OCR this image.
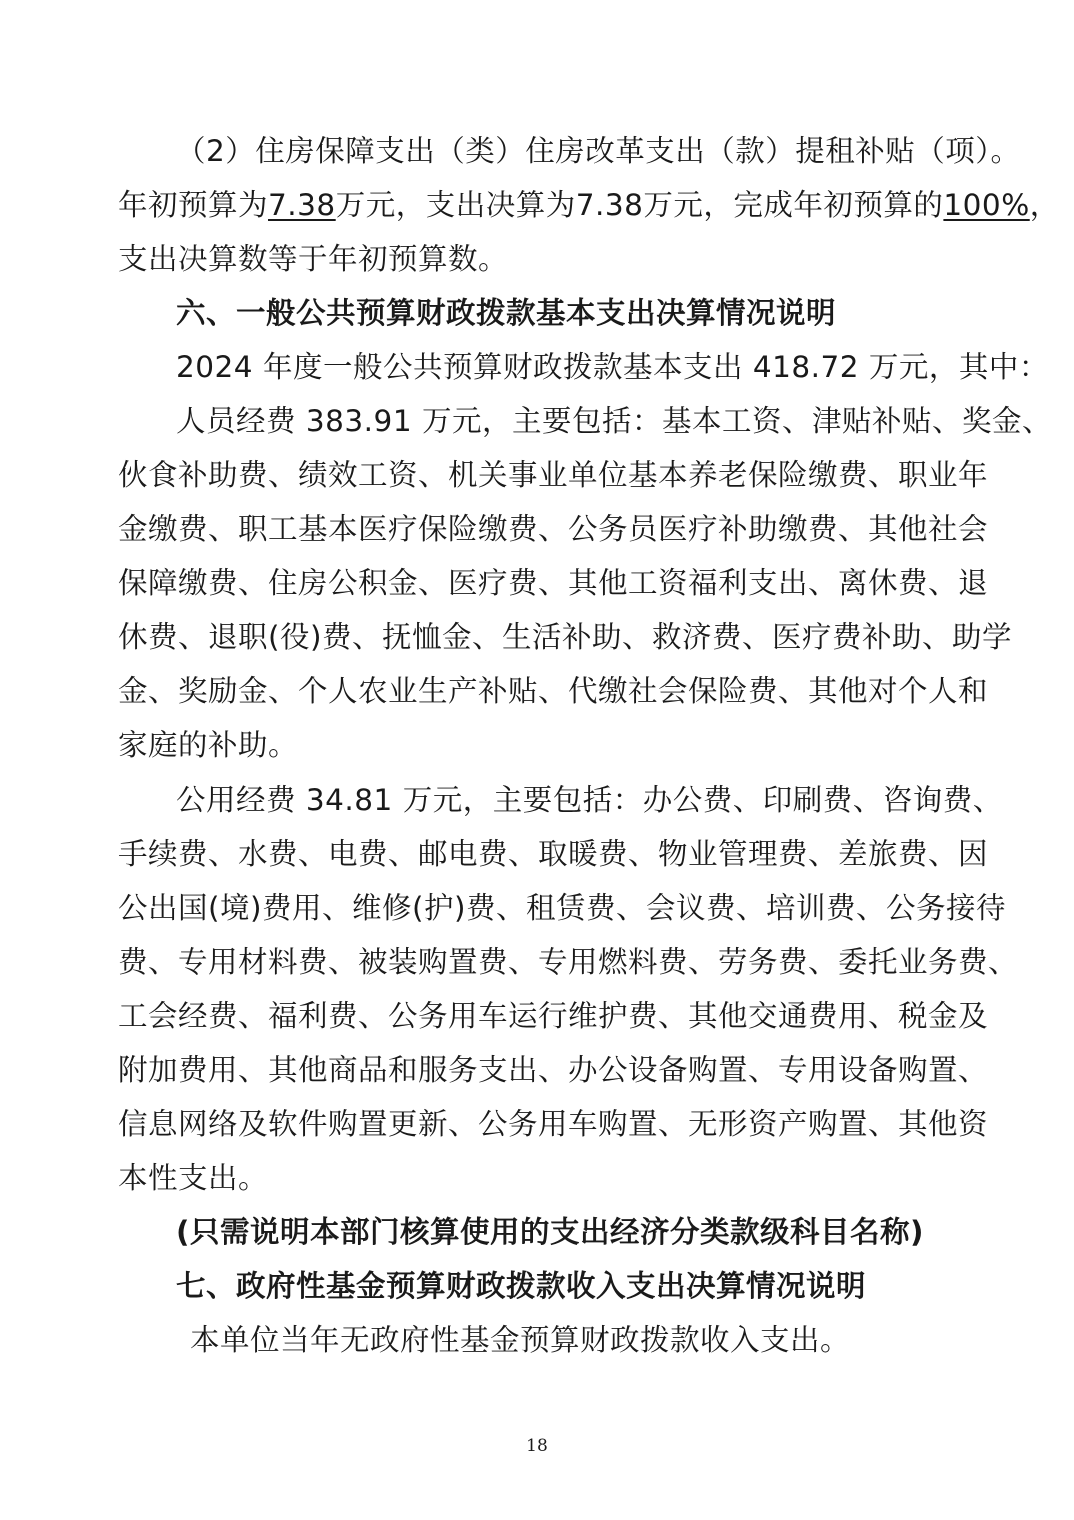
（2）住房保障支出（类）住房改革支出（款）提租补贴（项）。
年初预算为7.38万元，支出决算为7.38万元，完成年初预算的100%，
支出决算数等于年初预算数。
六、一般公共预算财政拨款基本支出决算情况说明
2024 年度一般公共预算财政拨款基本支出 418.72 万元，其中：
人员经费 383.91 万元，主要包括：基本工资、津贴补贴、奖金、
伙食补助费、绩效工资、机关事业单位基本养老保险缴费、职业年
金缴费、职工基本医疗保险缴费、公务员医疗补助缴费、其他社会
保障缴费、住房公积金、医疗费、其他工资福利支出、离休费、退
休费、退职(役)费、抚恤金、生活补助、救济费、医疗费补助、助学
金、奖励金、个人农业生产补贴、代缴社会保险费、其他对个人和
家庭的补助。
公用经费 34.81 万元，主要包括：办公费、印刷费、咨询费、
手续费、水费、电费、邮电费、取暖费、物业管理费、差旅费、因
公出国(境)费用、维修(护)费、租赁费、会议费、培训费、公务接待
费、专用材料费、被装购置费、专用燃料费、劳务费、委托业务费、
工会经费、福利费、公务用车运行维护费、其他交通费用、税金及
附加费用、其他商品和服务支出、办公设备购置、专用设备购置、
信息网络及软件购置更新、公务用车购置、无形资产购置、其他资
本性支出。
(只需说明本部门核算使用的支出经济分类款级科目名称)
七、政府性基金预算财政拨款收入支出决算情况说明
本单位当年无政府性基金预算财政拨款收入支出。
18
